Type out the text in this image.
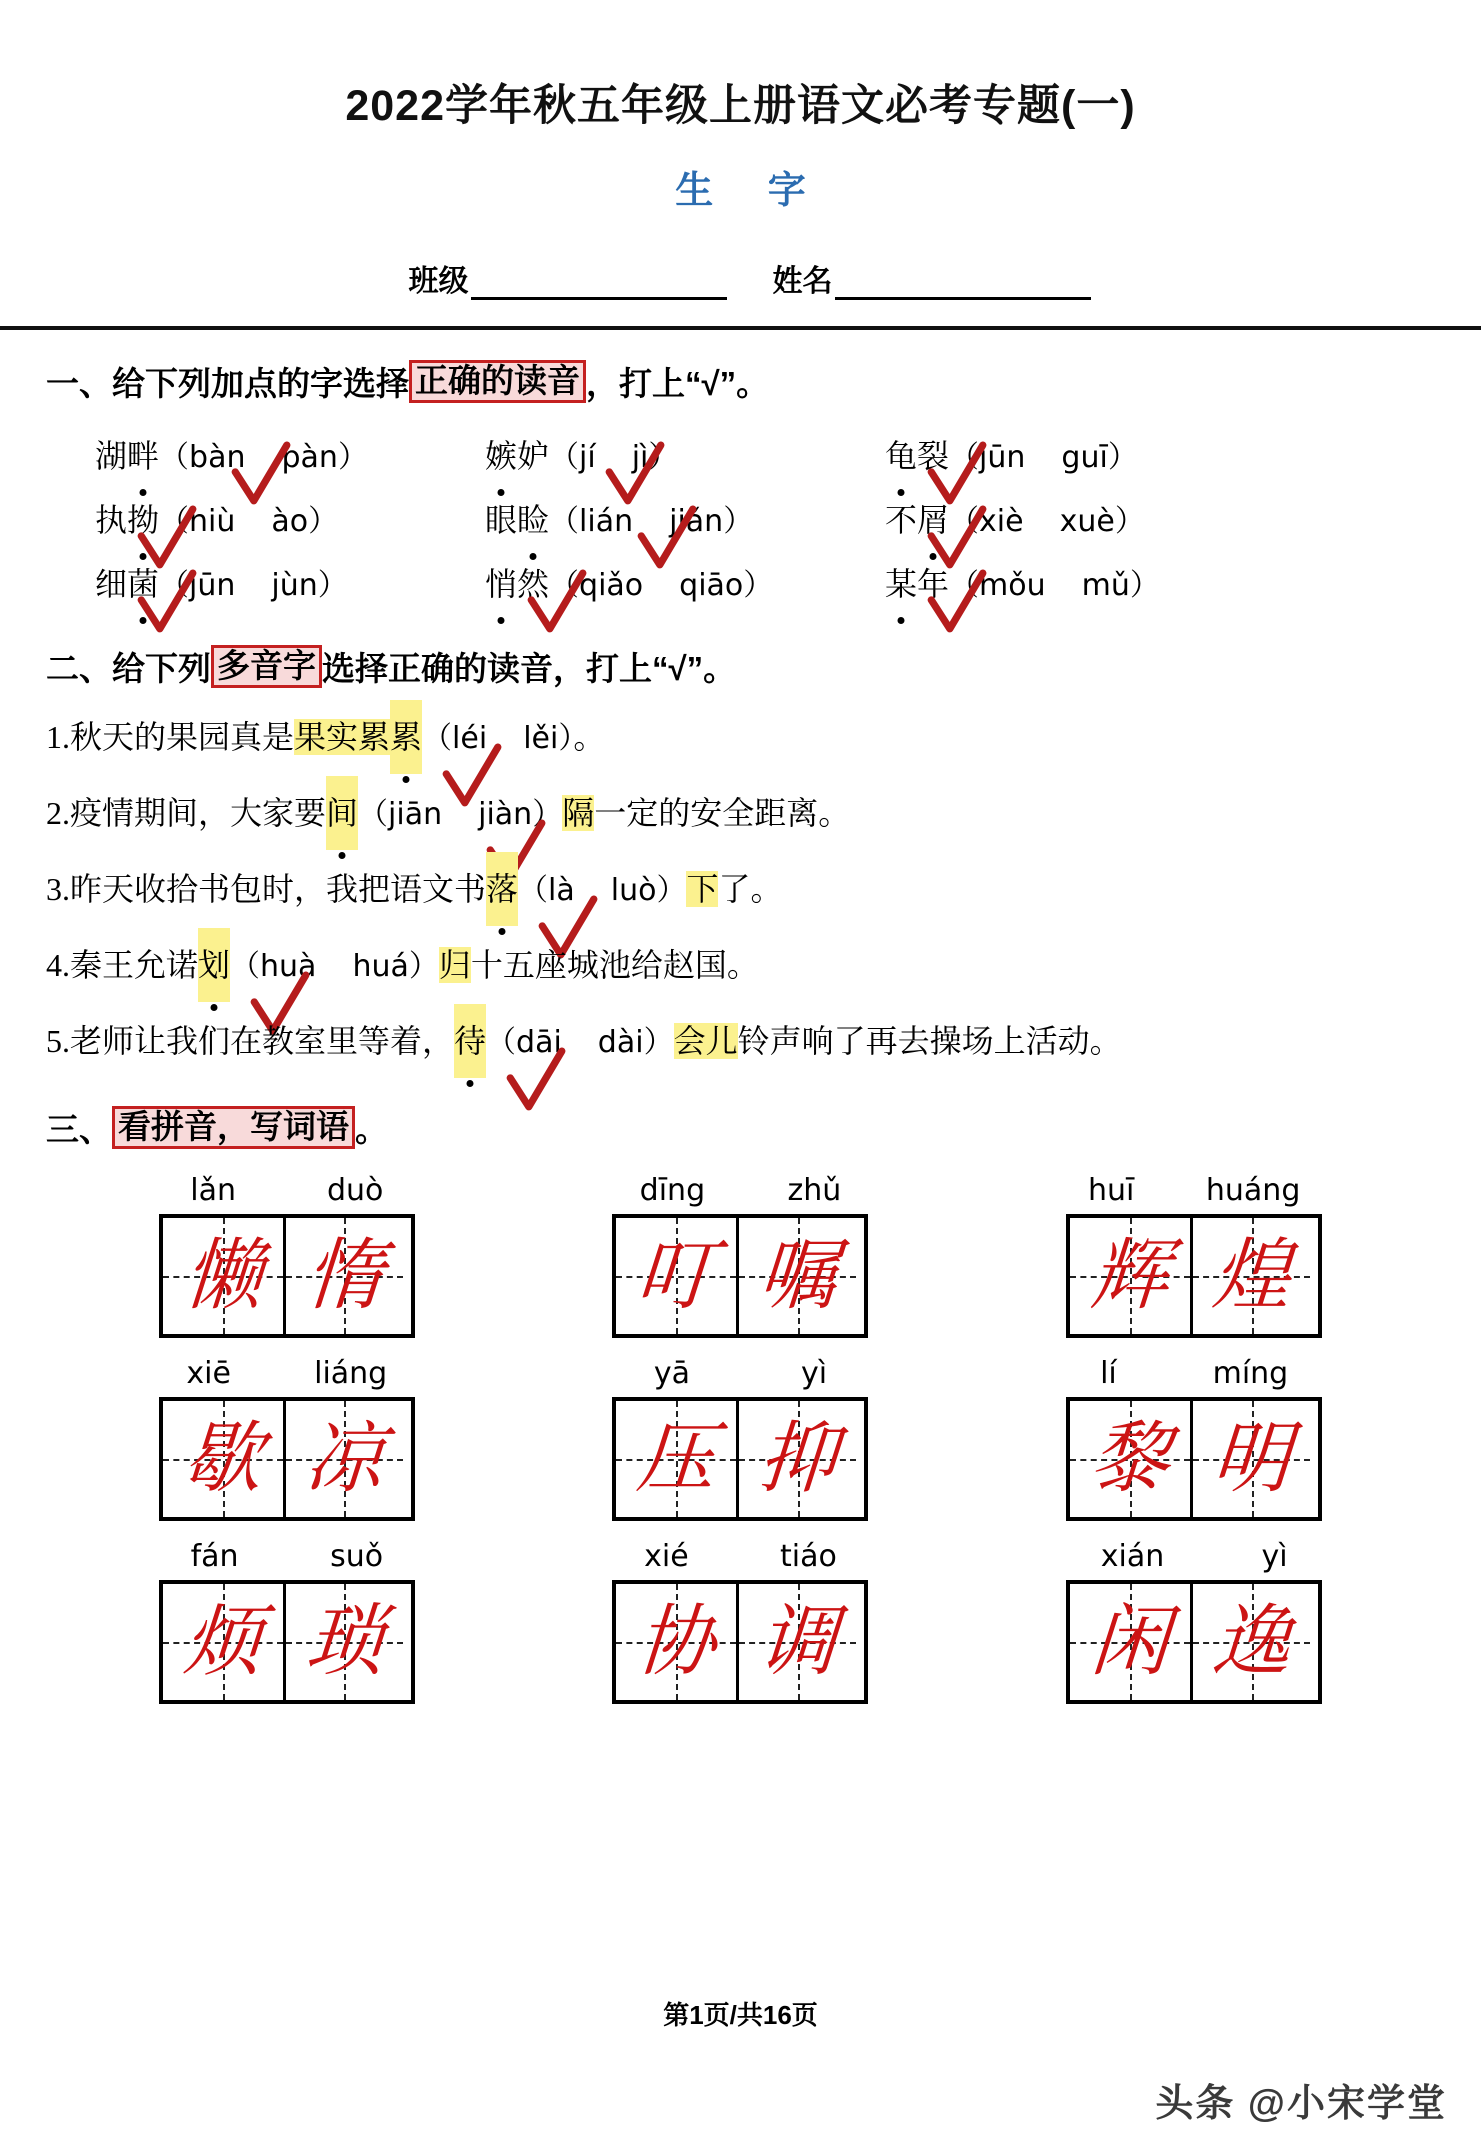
2022学年秋五年级上册语文必考专题(一)
生 字
班级	姓名
一、 给下列加点的字选择 正确的读音 ，打上“√”。
湖畔（bàn pàn）	嫉妒（jí jì）	龟裂（jūn guī）
执拗（niù ào）	眼睑（lián jiǎn）	不屑（xiè xuè）
细菌（jūn jùn）	悄然（qiǎo qiāo）	某年（mǒu mǔ）
二、 给下列 多音字 选择正确的读音，打上“√”。
1.秋天的果园真是果实累累（léi lěi）
。
2.疫情期间，大家要间（jiān jiàn）
隔一定的安全距离。
3.昨天收拾书包时，我把语文书落（là luò）
下了。
4.秦王允诺划（huà huá）
归十五座城池给赵国。
5.老师让我们在教室里等着，待（dāi dài）
会儿铃声响了再去操场上活动。
三、 看拼音，写词语 。
lǎn	duò
懒 惰
dīng	zhǔ
叮 嘱
huī huáng
辉 煌
xiē	liáng
歇 凉
yā	yì
压 抑
lí	míng
黎 明
fán	suǒ
烦 琐
xié	tiáo
协 调
xián	yì
闲 逸
第1页/共16页
头条 @小宋学堂
